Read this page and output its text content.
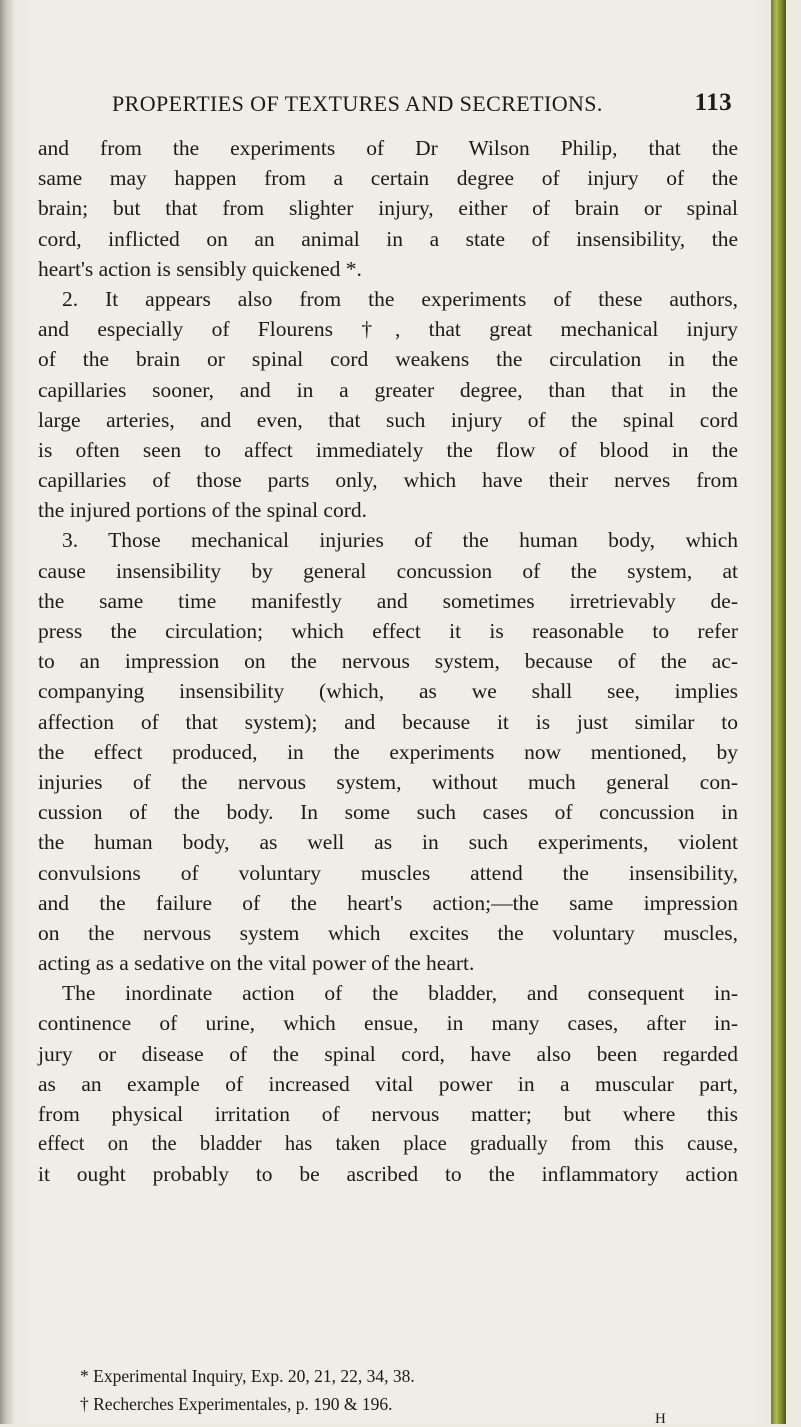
PROPERTIES OF TEXTURES AND SECRETIONS.	113
and from the experiments of Dr Wilson Philip, that the
same may happen from a certain degree of injury of the
brain; but that from slighter injury, either of brain or spinal
cord, inflicted on an animal in a state of insensibility, the
heart's action is sensibly quickened *.
2. It appears also from the experiments of these authors,
and especially of Flourens †, that great mechanical injury
of the brain or spinal cord weakens the circulation in the
capillaries sooner, and in a greater degree, than that in the
large arteries, and even, that such injury of the spinal cord
is often seen to affect immediately the flow of blood in the
capillaries of those parts only, which have their nerves from
the injured portions of the spinal cord.
3. Those mechanical injuries of the human body, which
cause insensibility by general concussion of the system, at
the same time manifestly and sometimes irretrievably de-
press the circulation; which effect it is reasonable to refer
to an impression on the nervous system, because of the ac-
companying insensibility (which, as we shall see, implies
affection of that system); and because it is just similar to
the effect produced, in the experiments now mentioned, by
injuries of the nervous system, without much general con-
cussion of the body. In some such cases of concussion in
the human body, as well as in such experiments, violent
convulsions of voluntary muscles attend the insensibility,
and the failure of the heart's action;—the same impression
on the nervous system which excites the voluntary muscles,
acting as a sedative on the vital power of the heart.
The inordinate action of the bladder, and consequent in-
continence of urine, which ensue, in many cases, after in-
jury or disease of the spinal cord, have also been regarded
as an example of increased vital power in a muscular part,
from physical irritation of nervous matter; but where this
effect on the bladder has taken place gradually from this cause,
it ought probably to be ascribed to the inflammatory action
* Experimental Inquiry, Exp. 20, 21, 22, 34, 38.
† Recherches Experimentales, p. 190 & 196.
H
